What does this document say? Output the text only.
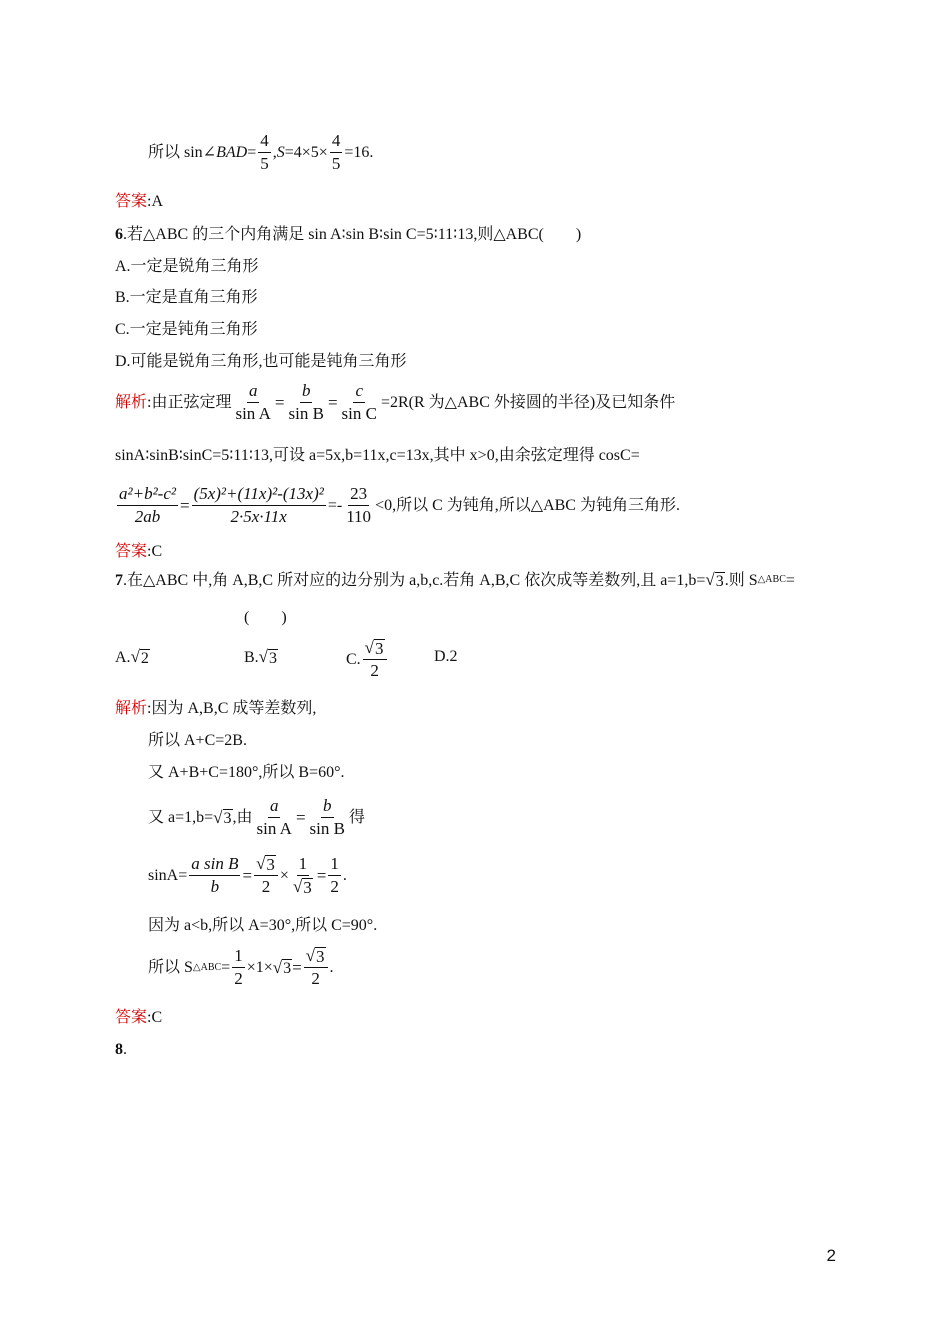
所以 sin∠ BAD = $\frac{4}{5}$ , $S =4\times 5\times \frac{4}{5} =16$.
答案 :A
6 .若△ABC 的三个内角满足 sin A∶sin B∶sin C=5∶11∶13,则△ABC(　　)
A.一定是锐角三角形
B.一定是直角三角形
C.一定是钝角三角形
D.可能是锐角三角形,也可能是钝角三角形
解析 :由正弦定理 $\frac{a}{\text{sin A}} = \frac{b}{\text{sin B}} = \frac{c}{\text{sin C}} =2R(R$ 为△ABC 外接圆的半径)及已知条件
sinA∶sinB∶sinC=5∶11∶13,可设 a=5x,b=11x,c=13x,其中 x>0,由余弦定理得 cosC=
$\frac{\text{a²+b²-c²}}{2ab} = \frac{\text{(5x)²+(11x)²-(13x)²}}{2\cdot 5x\cdot 11x} =- \frac{23}{110} <0$,所以 C 为钝角,所以△ABC 为钝角三角形.
答案 :C
7 .在△ABC 中,角 A,B,C 所对应的边分别为 a,b,c.若角 A,B,C 依次成等差数列,且 a=1,b= √ 3 .则 S △ABC =
(　　)
A. √ 2	B. √ 3	C. $\frac{√ 3}{2}$	D.2
解析 :因为 A,B,C 成等差数列,
所以 A+C=2B.
又 A+B+C=180°,所以 B=60°.
又 a=1,b= √ 3 ,由 $\frac{a}{\text{sin A}} = \frac{b}{\text{sin B}}$ 得
$\sin A= \frac{\text{a sin B}}{b} = \frac{√ 3}{2} \times \frac{1}{√ 3} = \frac{1}{2}$ .
因为 a<b,所以 A=30°,所以 C=90°.
所以 S △ABC = $\frac{1}{2} \times 1\times$ √ $3 = \frac{√ 3}{2}$ .
答案 :C
8 .
2
